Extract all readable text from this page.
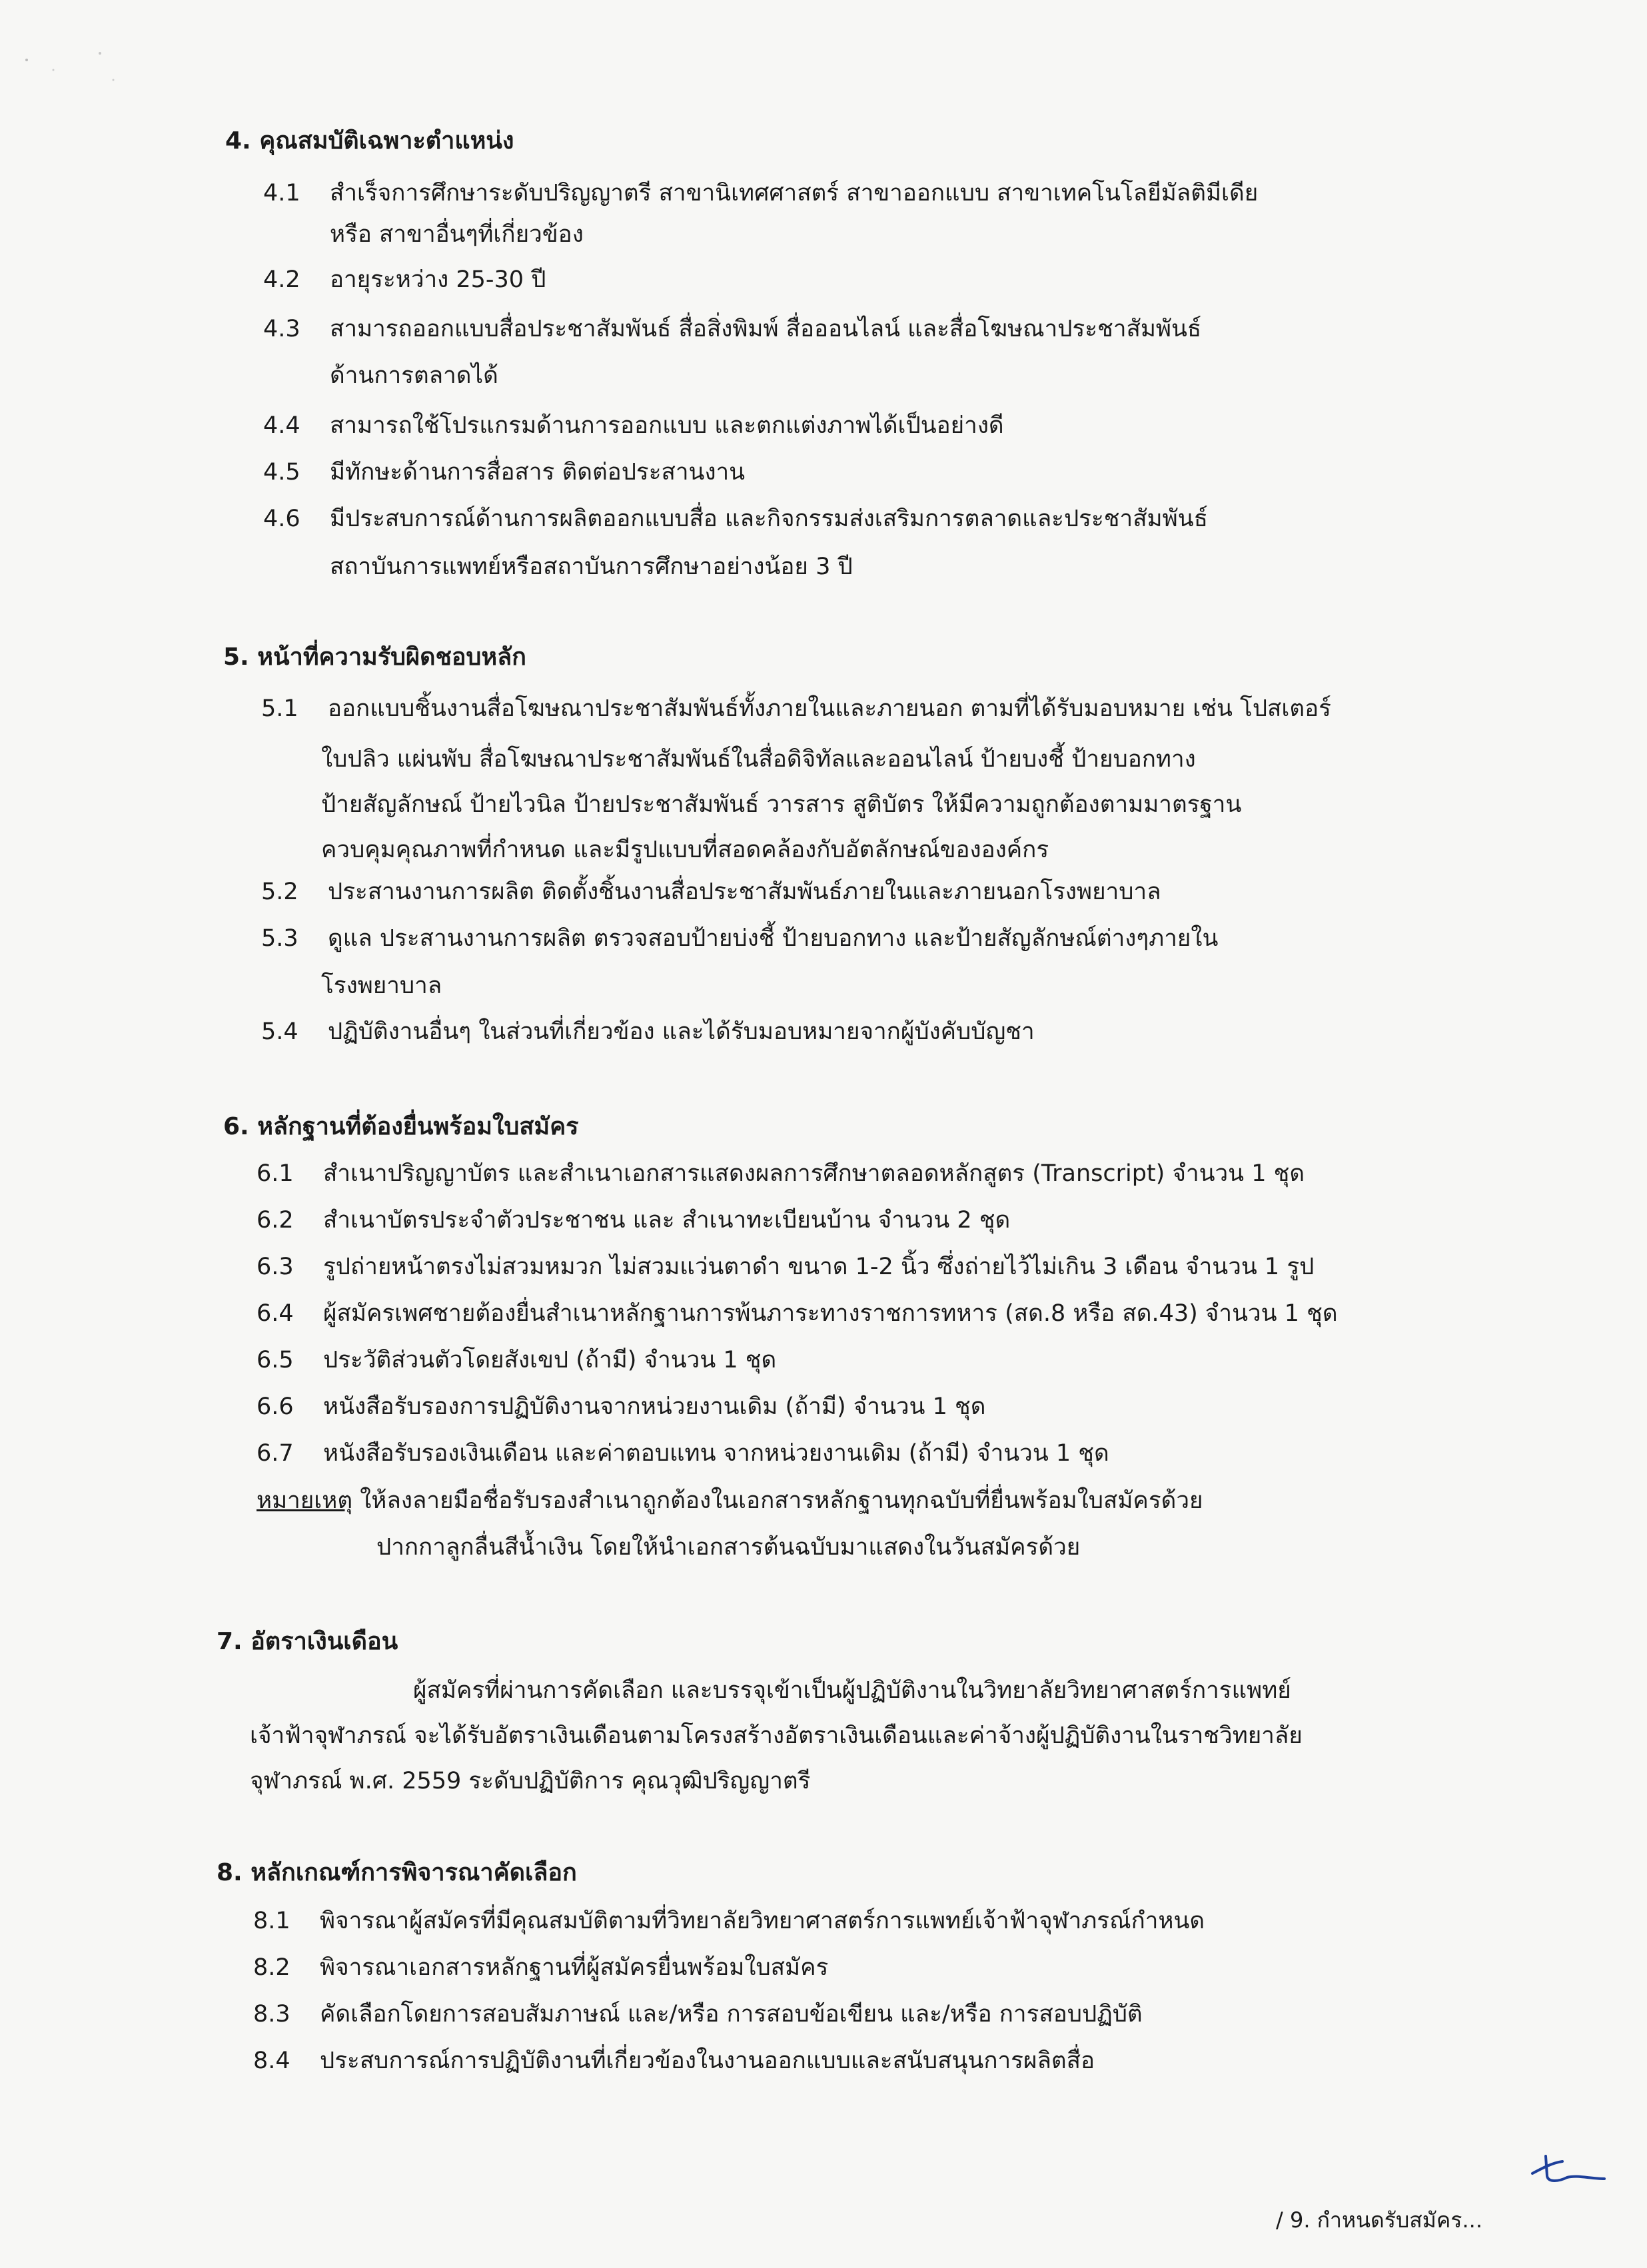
4. คุณสมบัติเฉพาะตำแหน่ง
4.1 สำเร็จการศึกษาระดับปริญญาตรี สาขานิเทศศาสตร์ สาขาออกแบบ สาขาเทคโนโลยีมัลติมีเดีย
หรือ สาขาอื่นๆที่เกี่ยวข้อง
4.2 อายุระหว่าง 25-30 ปี
4.3 สามารถออกแบบสื่อประชาสัมพันธ์ สื่อสิ่งพิมพ์ สื่อออนไลน์ และสื่อโฆษณาประชาสัมพันธ์
ด้านการตลาดได้
4.4 สามารถใช้โปรแกรมด้านการออกแบบ และตกแต่งภาพได้เป็นอย่างดี
4.5 มีทักษะด้านการสื่อสาร ติดต่อประสานงาน
4.6 มีประสบการณ์ด้านการผลิตออกแบบสื่อ และกิจกรรมส่งเสริมการตลาดและประชาสัมพันธ์
สถาบันการแพทย์หรือสถาบันการศึกษาอย่างน้อย 3 ปี
5. หน้าที่ความรับผิดชอบหลัก
5.1 ออกแบบชิ้นงานสื่อโฆษณาประชาสัมพันธ์ทั้งภายในและภายนอก ตามที่ได้รับมอบหมาย เช่น โปสเตอร์
ใบปลิว แผ่นพับ สื่อโฆษณาประชาสัมพันธ์ในสื่อดิจิทัลและออนไลน์ ป้ายบงชี้ ป้ายบอกทาง
ป้ายสัญลักษณ์ ป้ายไวนิล ป้ายประชาสัมพันธ์ วารสาร สูติบัตร ให้มีความถูกต้องตามมาตรฐาน
ควบคุมคุณภาพที่กำหนด และมีรูปแบบที่สอดคล้องกับอัตลักษณ์ขององค์กร
5.2 ประสานงานการผลิต ติดตั้งชิ้นงานสื่อประชาสัมพันธ์ภายในและภายนอกโรงพยาบาล
5.3 ดูแล ประสานงานการผลิต ตรวจสอบป้ายบ่งชี้ ป้ายบอกทาง และป้ายสัญลักษณ์ต่างๆภายใน
โรงพยาบาล
5.4 ปฏิบัติงานอื่นๆ ในส่วนที่เกี่ยวข้อง และได้รับมอบหมายจากผู้บังคับบัญชา
6. หลักฐานที่ต้องยื่นพร้อมใบสมัคร
6.1 สำเนาปริญญาบัตร และสำเนาเอกสารแสดงผลการศึกษาตลอดหลักสูตร (Transcript) จำนวน 1 ชุด
6.2 สำเนาบัตรประจำตัวประชาชน และ สำเนาทะเบียนบ้าน จำนวน 2 ชุด
6.3 รูปถ่ายหน้าตรงไม่สวมหมวก ไม่สวมแว่นตาดำ ขนาด 1-2 นิ้ว ซึ่งถ่ายไว้ไม่เกิน 3 เดือน จำนวน 1 รูป
6.4 ผู้สมัครเพศชายต้องยื่นสำเนาหลักฐานการพ้นภาระทางราชการทหาร (สด.8 หรือ สด.43) จำนวน 1 ชุด
6.5 ประวัติส่วนตัวโดยสังเขป (ถ้ามี) จำนวน 1 ชุด
6.6 หนังสือรับรองการปฏิบัติงานจากหน่วยงานเดิม (ถ้ามี) จำนวน 1 ชุด
6.7 หนังสือรับรองเงินเดือน และค่าตอบแทน จากหน่วยงานเดิม (ถ้ามี) จำนวน 1 ชุด
หมายเหตุ ให้ลงลายมือชื่อรับรองสำเนาถูกต้องในเอกสารหลักฐานทุกฉบับที่ยื่นพร้อมใบสมัครด้วย
ปากกาลูกลื่นสีน้ำเงิน โดยให้นำเอกสารต้นฉบับมาแสดงในวันสมัครด้วย
7. อัตราเงินเดือน
ผู้สมัครที่ผ่านการคัดเลือก และบรรจุเข้าเป็นผู้ปฏิบัติงานในวิทยาลัยวิทยาศาสตร์การแพทย์
เจ้าฟ้าจุฬาภรณ์ จะได้รับอัตราเงินเดือนตามโครงสร้างอัตราเงินเดือนและค่าจ้างผู้ปฏิบัติงานในราชวิทยาลัย
จุฬาภรณ์ พ.ศ. 2559 ระดับปฏิบัติการ คุณวุฒิปริญญาตรี
8. หลักเกณฑ์การพิจารณาคัดเลือก
8.1 พิจารณาผู้สมัครที่มีคุณสมบัติตามที่วิทยาลัยวิทยาศาสตร์การแพทย์เจ้าฟ้าจุฬาภรณ์กำหนด
8.2 พิจารณาเอกสารหลักฐานที่ผู้สมัครยื่นพร้อมใบสมัคร
8.3 คัดเลือกโดยการสอบสัมภาษณ์ และ/หรือ การสอบข้อเขียน และ/หรือ การสอบปฏิบัติ
8.4 ประสบการณ์การปฏิบัติงานที่เกี่ยวข้องในงานออกแบบและสนับสนุนการผลิตสื่อ
/ 9. กำหนดรับสมัคร...
